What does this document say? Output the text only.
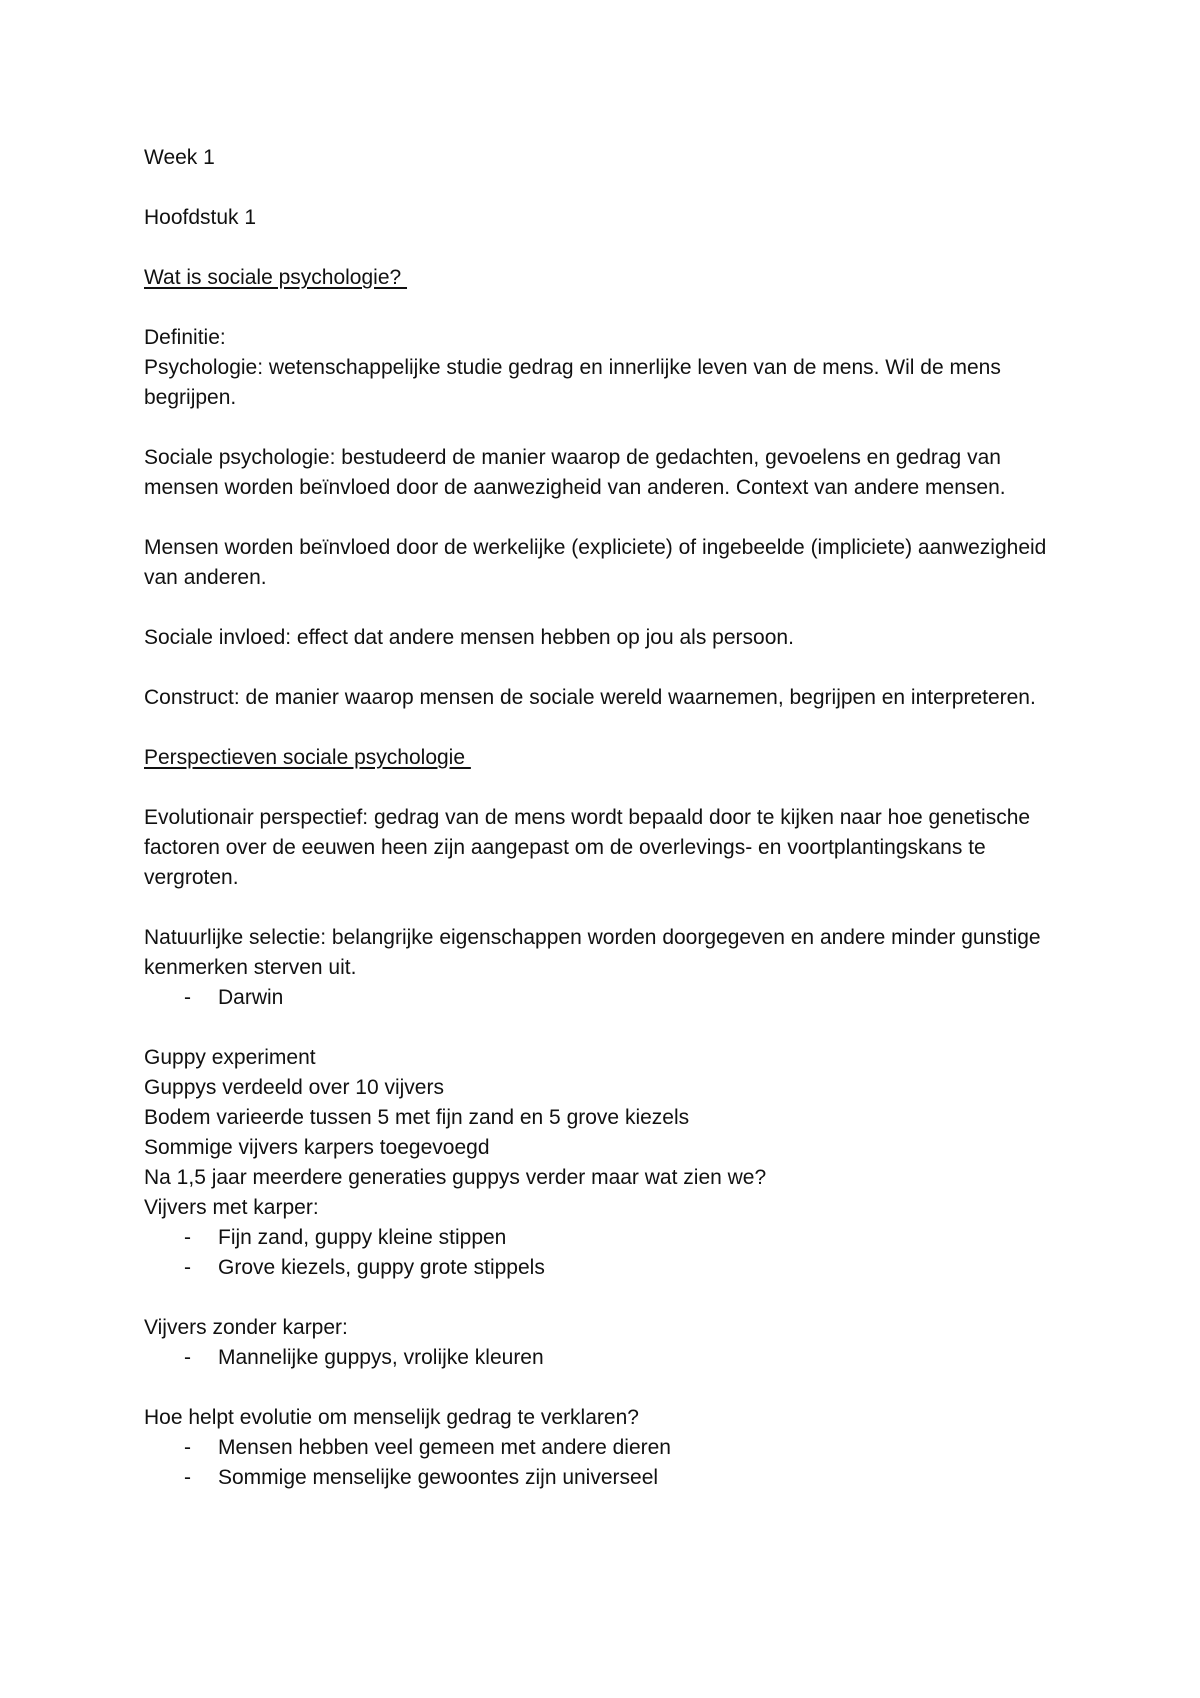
Week 1
Hoofdstuk 1
Wat is sociale psychologie?
Definitie:
Psychologie: wetenschappelijke studie gedrag en innerlijke leven van de mens. Wil de mens begrijpen.
Sociale psychologie: bestudeerd de manier waarop de gedachten, gevoelens en gedrag van mensen worden beïnvloed door de aanwezigheid van anderen. Context van andere mensen.
Mensen worden beïnvloed door de werkelijke (expliciete) of ingebeelde (impliciete) aanwezigheid van anderen.
Sociale invloed: effect dat andere mensen hebben op jou als persoon.
Construct: de manier waarop mensen de sociale wereld waarnemen, begrijpen en interpreteren.
Perspectieven sociale psychologie
Evolutionair perspectief: gedrag van de mens wordt bepaald door te kijken naar hoe genetische factoren over de eeuwen heen zijn aangepast om de overlevings- en voortplantingskans te vergroten.
Natuurlijke selectie: belangrijke eigenschappen worden doorgegeven en andere minder gunstige kenmerken sterven uit.
-	Darwin
Guppy experiment
Guppys verdeeld over 10 vijvers
Bodem varieerde tussen 5 met fijn zand en 5 grove kiezels
Sommige vijvers karpers toegevoegd
Na 1,5 jaar meerdere generaties guppys verder maar wat zien we?
Vijvers met karper:
-	Fijn zand, guppy kleine stippen
-	Grove kiezels, guppy grote stippels
Vijvers zonder karper:
-	Mannelijke guppys, vrolijke kleuren
Hoe helpt evolutie om menselijk gedrag te verklaren?
-	Mensen hebben veel gemeen met andere dieren
-	Sommige menselijke gewoontes zijn universeel
